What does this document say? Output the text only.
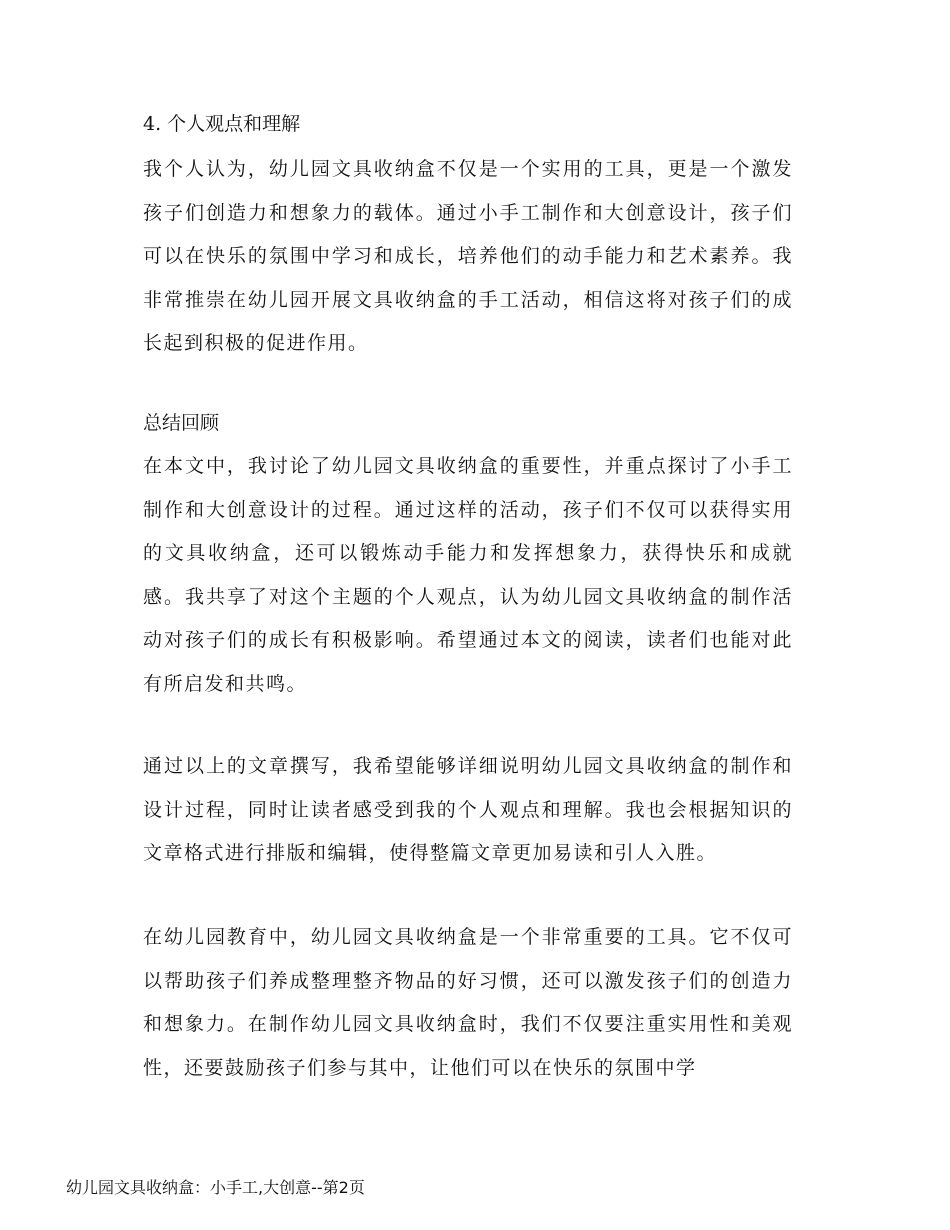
4. 个人观点和理解
我个人认为，幼儿园文具收纳盒不仅是一个实用的工具，更是一个激发孩子们创造力和想象力的载体。通过小手工制作和大创意设计，孩子们可以在快乐的氛围中学习和成长，培养他们的动手能力和艺术素养。我非常推崇在幼儿园开展文具收纳盒的手工活动，相信这将对孩子们的成长起到积极的促进作用。
总结回顾
在本文中，我讨论了幼儿园文具收纳盒的重要性，并重点探讨了小手工制作和大创意设计的过程。通过这样的活动，孩子们不仅可以获得实用的文具收纳盒，还可以锻炼动手能力和发挥想象力，获得快乐和成就感。我共享了对这个主题的个人观点，认为幼儿园文具收纳盒的制作活动对孩子们的成长有积极影响。希望通过本文的阅读，读者们也能对此有所启发和共鸣。
通过以上的文章撰写，我希望能够详细说明幼儿园文具收纳盒的制作和设计过程，同时让读者感受到我的个人观点和理解。我也会根据知识的文章格式进行排版和编辑，使得整篇文章更加易读和引人入胜。
在幼儿园教育中，幼儿园文具收纳盒是一个非常重要的工具。它不仅可以帮助孩子们养成整理整齐物品的好习惯，还可以激发孩子们的创造力和想象力。在制作幼儿园文具收纳盒时，我们不仅要注重实用性和美观性，还要鼓励孩子们参与其中，让他们可以在快乐的氛围中学
幼儿园文具收纳盒：小手工,大创意--第2页
